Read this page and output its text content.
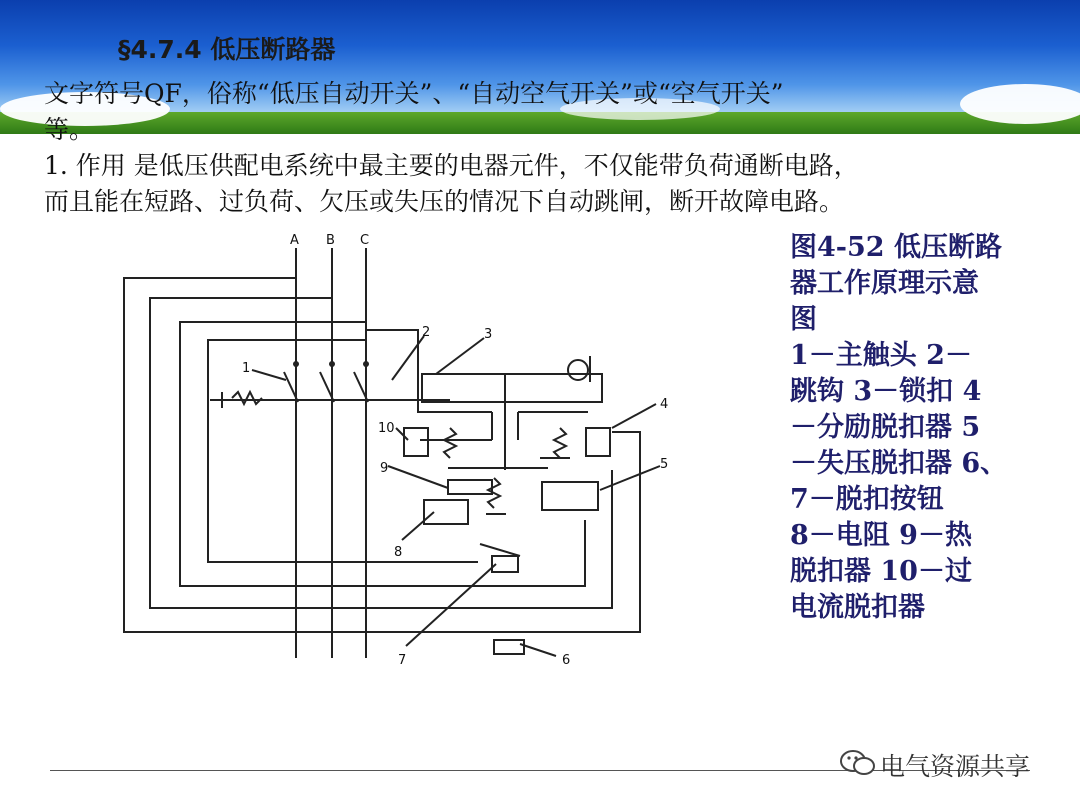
§4.7.4 低压断路器
文字符号QF，俗称“低压自动开关”、“自动空气开关”或“空气开关”
等。
1. 作用 是低压供配电系统中最主要的电器元件，不仅能带负荷通断电路，
而且能在短路、过负荷、欠压或失压的情况下自动跳闸，断开故障电路。
A B C
1
2	3
4
5
6
7
8
9
10
图4-52 低压断路
器工作原理示意
图
1－主触头 2－
跳钩 3－锁扣 4
－分励脱扣器 5
－失压脱扣器 6、
7－脱扣按钮
8－电阻 9－热
脱扣器 10－过
电流脱扣器
电气资源共享
